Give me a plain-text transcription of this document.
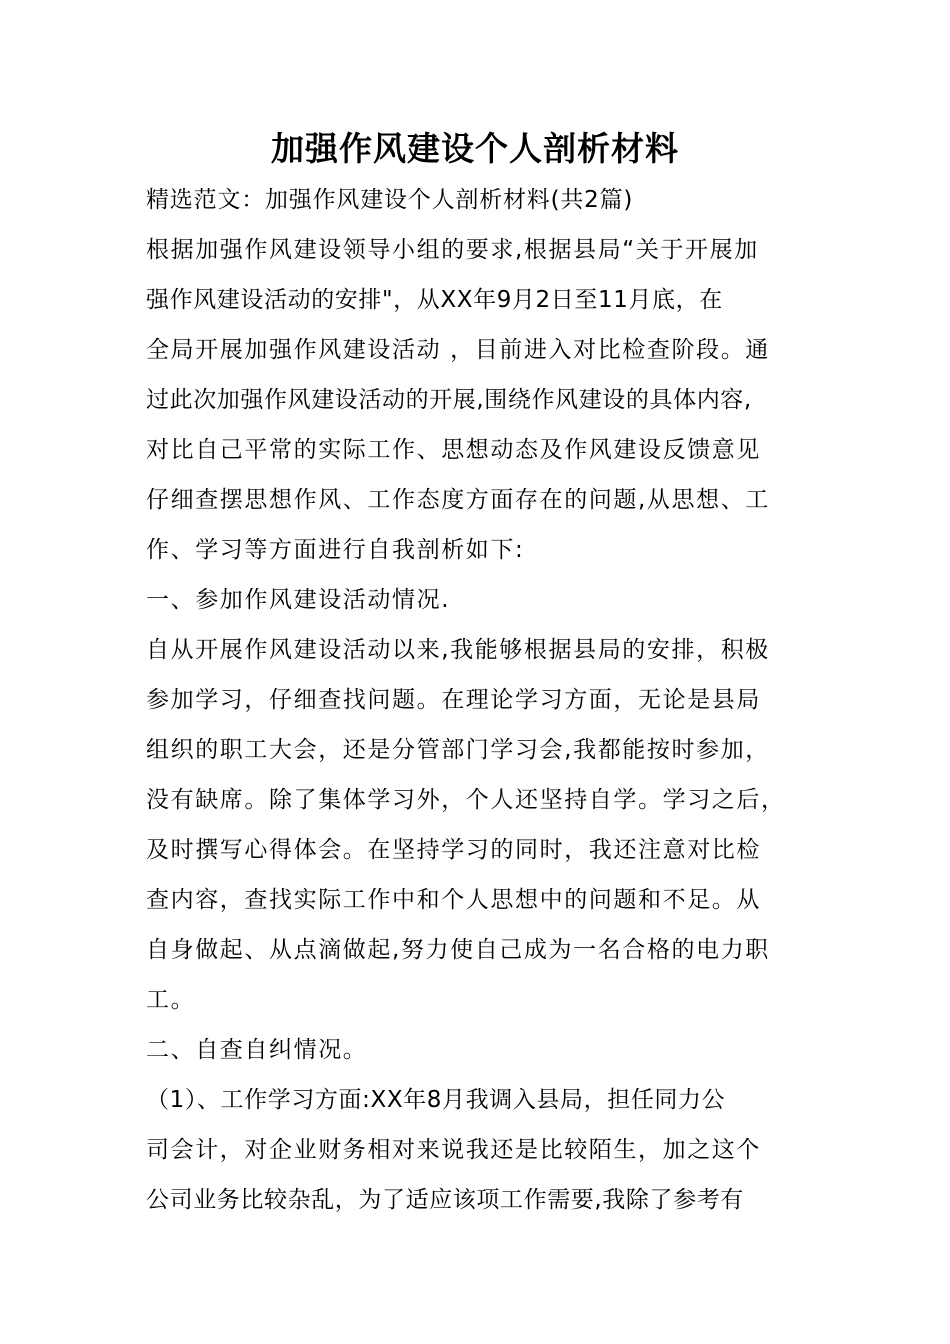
加强作风建设个人剖析材料
精选范文：加强作风建设个人剖析材料(共2篇)
根据加强作风建设领导小组的要求,根据县局“关于开展加
强作风建设活动的安排"，从XX年9月2日至11月底，在
全局开展加强作风建设活动 ，目前进入对比检查阶段。通
过此次加强作风建设活动的开展,围绕作风建设的具体内容,
对比自己平常的实际工作、思想动态及作风建设反馈意见
仔细查摆思想作风、工作态度方面存在的问题,从思想、工
作、学习等方面进行自我剖析如下:
一、参加作风建设活动情况.
自从开展作风建设活动以来,我能够根据县局的安排，积极
参加学习，仔细查找问题。在理论学习方面，无论是县局
组织的职工大会，还是分管部门学习会,我都能按时参加，
没有缺席。除了集体学习外，个人还坚持自学。学习之后，
及时撰写心得体会。在坚持学习的同时，我还注意对比检
查内容，查找实际工作中和个人思想中的问题和不足。从
自身做起、从点滴做起,努力使自己成为一名合格的电力职
工。
二、自查自纠情况。
（1）、工作学习方面:XX年8月我调入县局，担任同力公
司会计，对企业财务相对来说我还是比较陌生，加之这个
公司业务比较杂乱，为了适应该项工作需要,我除了参考有
